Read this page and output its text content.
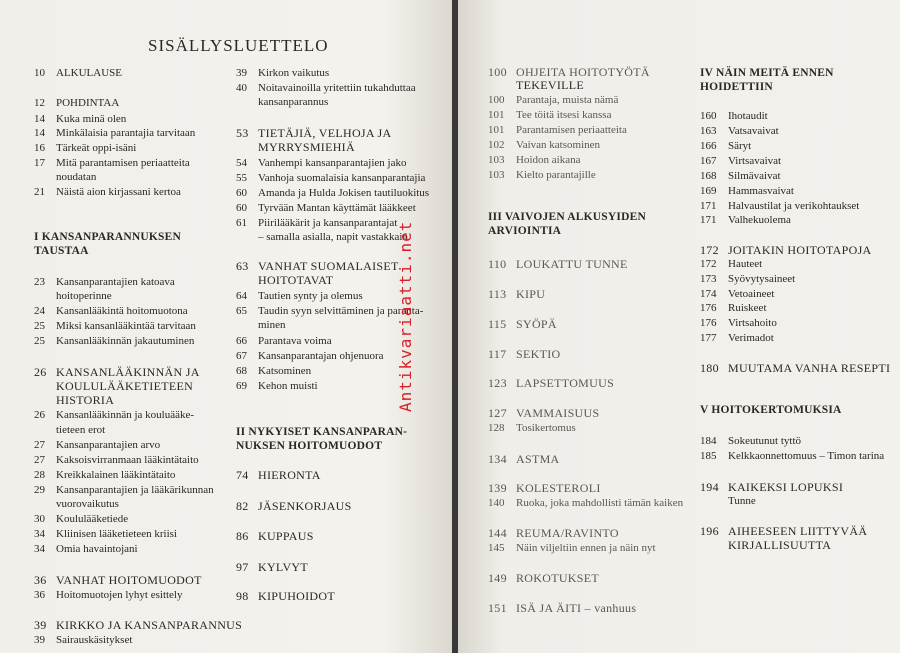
SISÄLLYSLUETTELO
10 ALKULAUSE
12 POHDINTAA
14 Kuka minä olen
14 Minkälaisia parantajia tarvitaan
16 Tärkeät oppi-isäni
17 Mitä parantamisen periaatteita
noudatan
21 Näistä aion kirjassani kertoa
I KANSANPARANNUKSEN
TAUSTAA
23 Kansanparantajien katoava
hoitoperinne
24 Kansanlääkintä hoitomuotona
25 Miksi kansanlääkintää tarvitaan
25 Kansanlääkinnän jakautuminen
26 KANSANLÄÄKINNÄN JA
KOULULÄÄKETIETEEN
HISTORIA
26 Kansanlääkinnän ja kouluääke-
tieteen erot
27 Kansanparantajien arvo
27 Kaksoisvirranmaan lääkintätaito
28 Kreikkalainen lääkintätaito
29 Kansanparantajien ja lääkärikunnan
vuorovaikutus
30 Koululääketiede
34 Kliinisen lääketieteen kriisi
34 Omia havaintojani
36 VANHAT HOITOMUODOT
36 Hoitomuotojen lyhyt esittely
39 KIRKKO JA KANSANPARANNUS
39 Sairauskäsitykset
39 Kirkon vaikutus
40 Noitavainoilla yritettiin tukahduttaa
kansanparannus
53 TIETÄJIÄ, VELHOJA JA
MYRRYSMIEHIÄ
54 Vanhempi kansanparantajien jako
55 Vanhoja suomalaisia kansanparantajia
60 Amanda ja Hulda Jokisen tautiluokitus
60 Tyrvään Mantan käyttämät lääkkeet
61 Piirilääkärit ja kansanparantajat
– samalla asialla, napit vastakkain
63 VANHAT SUOMALAISET
HOITOTAVAT
64 Tautien synty ja olemus
65 Taudin syyn selvittäminen ja paranta-
minen
66 Parantava voima
67 Kansanparantajan ohjenuora
68 Katsominen
69 Kehon muisti
II NYKYISET KANSANPARAN-
NUKSEN HOITOMUODOT
74 HIERONTA
82 JÄSENKORJAUS
86 KUPPAUS
97 KYLVYT
98 KIPUHOIDOT
100 OHJEITA HOITOTYÖTÄ
TEKEVILLE
100 Parantaja, muista nämä
101 Tee töitä itsesi kanssa
101 Parantamisen periaatteita
102 Vaivan katsominen
103 Hoidon aikana
103 Kielto parantajille
III VAIVOJEN ALKUSYIDEN
ARVIOINTIA
110 LOUKATTU TUNNE
113 KIPU
115 SYÖPÄ
117 SEKTIO
123 LAPSETTOMUUS
127 VAMMAISUUS
128 Tosikertomus
134 ASTMA
139 KOLESTEROLI
140 Ruoka, joka mahdollisti tämän kaiken
144 REUMA/RAVINTO
145 Näin viljeltiin ennen ja näin nyt
149 ROKOTUKSET
151 ISÄ JA ÄITI – vanhuus
IV NÄIN MEITÄ ENNEN
HOIDETTIIN
160 Ihotaudit
163 Vatsavaivat
166 Säryt
167 Virtsavaivat
168 Silmävaivat
169 Hammasvaivat
171 Halvaustilat ja verikohtaukset
171 Valhekuolema
172 JOITAKIN HOITOTAPOJA
172 Hauteet
173 Syövytysaineet
174 Vetoaineet
176 Ruiskeet
176 Virtsahoito
177 Verimadot
180 MUUTAMA VANHA RESEPTI
V HOITOKERTOMUKSIA
184 Sokeutunut tyttö
185 Kelkkaonnettomuus – Timon tarina
194 KAIKEKSI LOPUKSI
Tunne
196 AIHEESEEN LIITTYVÄÄ
KIRJALLISUUTTA
Antikvariaatti.net
